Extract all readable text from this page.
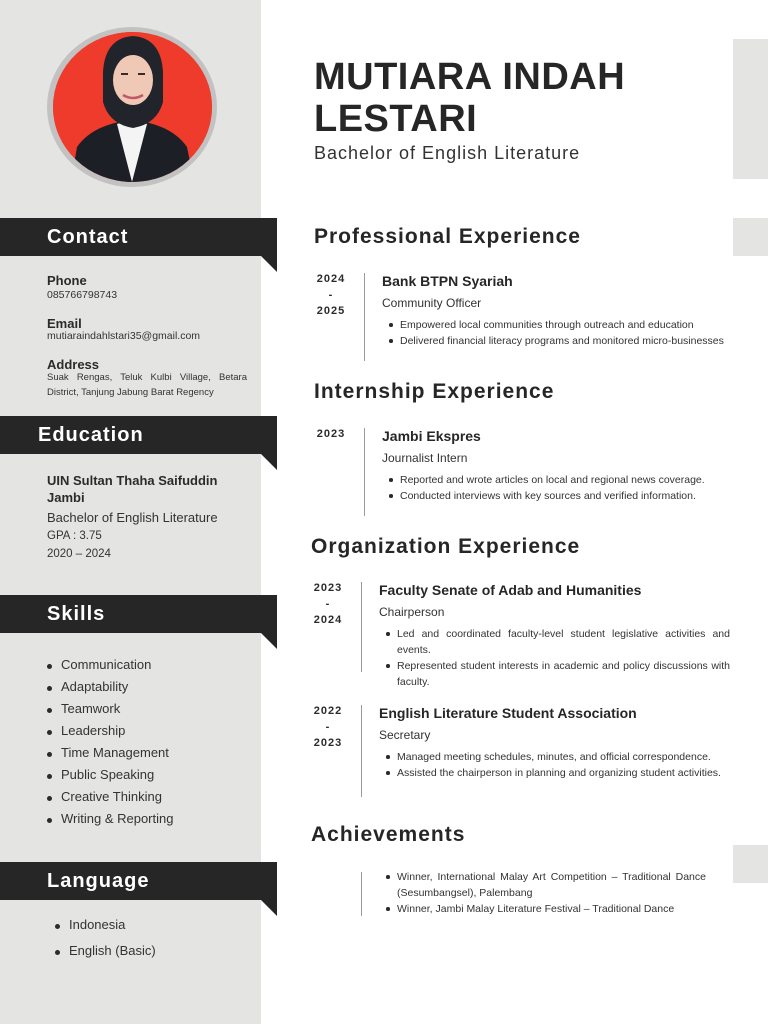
Contact
Phone
085766798743
Email
mutiaraindahlstari35@gmail.com
Address
Suak Rengas, Teluk Kulbi Village, Betara District, Tanjung Jabung Barat Regency
Education
UIN Sultan Thaha Saifuddin Jambi
Bachelor of English Literature
GPA : 3.75
2020 – 2024
Skills
Communication
Adaptability
Teamwork
Leadership
Time Management
Public Speaking
Creative Thinking
Writing & Reporting
Language
Indonesia
English (Basic)
MUTIARA INDAH
LESTARI
Bachelor of English Literature
Professional Experience
2024
-
2025
Bank BTPN Syariah
Community Officer
Empowered local communities through outreach and education
Delivered financial literacy programs and monitored micro-businesses
Internship Experience
2023	Jambi Ekspres
Journalist Intern
Reported and wrote articles on local and regional news coverage.
Conducted interviews with key sources and verified information.
Organization Experience
2023
-
2024
Faculty Senate of Adab and Humanities
Chairperson
Led and coordinated faculty-level student legislative activities and events.
Represented student interests in academic and policy discussions with faculty.
2022
-
2023
English Literature Student Association
Secretary
Managed meeting schedules, minutes, and official correspondence.
Assisted the chairperson in planning and organizing student activities.
Achievements
Winner, International Malay Art Competition – Traditional Dance (Sesumbangsel), Palembang
Winner, Jambi Malay Literature Festival – Traditional Dance
